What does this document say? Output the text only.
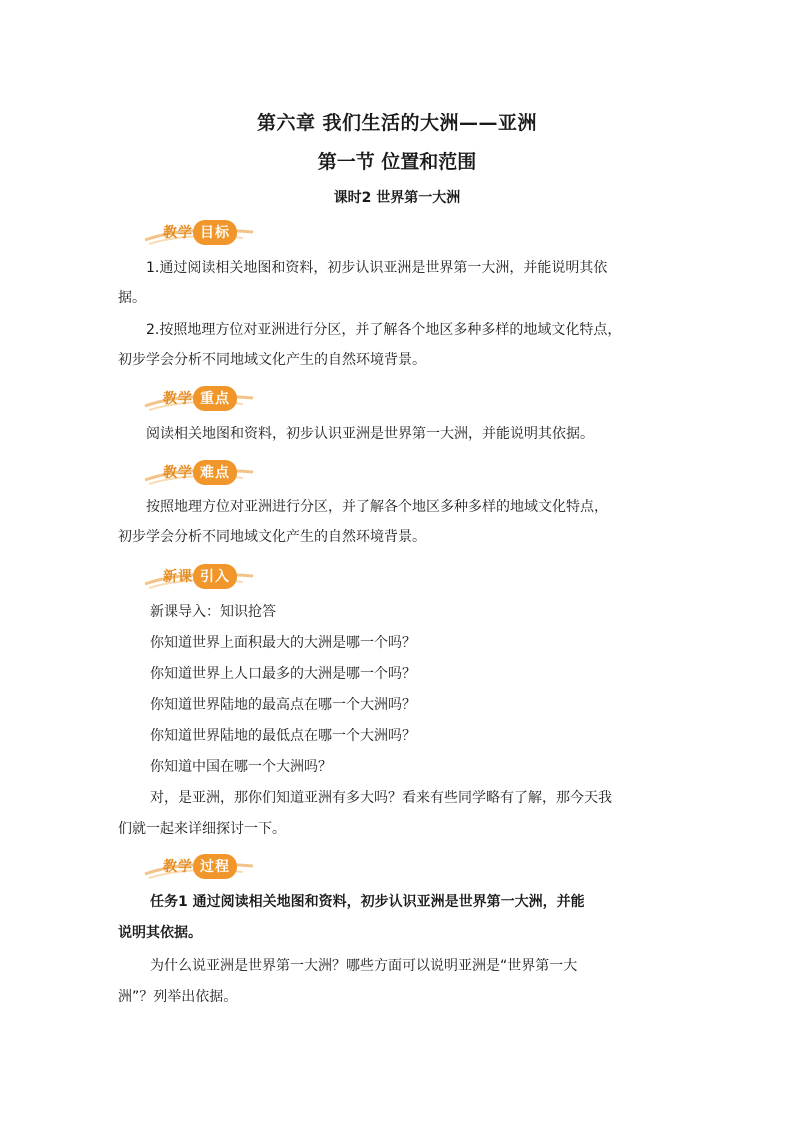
第六章 我们生活的大洲——亚洲
第一节 位置和范围
课时2 世界第一大洲
教学 目标
1.通过阅读相关地图和资料，初步认识亚洲是世界第一大洲，并能说明其依
据。
2.按照地理方位对亚洲进行分区，并了解各个地区多种多样的地域文化特点，
初步学会分析不同地域文化产生的自然环境背景。
教学 重点
阅读相关地图和资料，初步认识亚洲是世界第一大洲，并能说明其依据。
教学 难点
按照地理方位对亚洲进行分区，并了解各个地区多种多样的地域文化特点，
初步学会分析不同地域文化产生的自然环境背景。
新课 引入
新课导入：知识抢答
你知道世界上面积最大的大洲是哪一个吗？
你知道世界上人口最多的大洲是哪一个吗？
你知道世界陆地的最高点在哪一个大洲吗？
你知道世界陆地的最低点在哪一个大洲吗？
你知道中国在哪一个大洲吗？
对，是亚洲，那你们知道亚洲有多大吗？看来有些同学略有了解，那今天我
们就一起来详细探讨一下。
教学 过程
任务1 通过阅读相关地图和资料，初步认识亚洲是世界第一大洲，并能
说明其依据。
为什么说亚洲是世界第一大洲？哪些方面可以说明亚洲是“世界第一大
洲”？列举出依据。
